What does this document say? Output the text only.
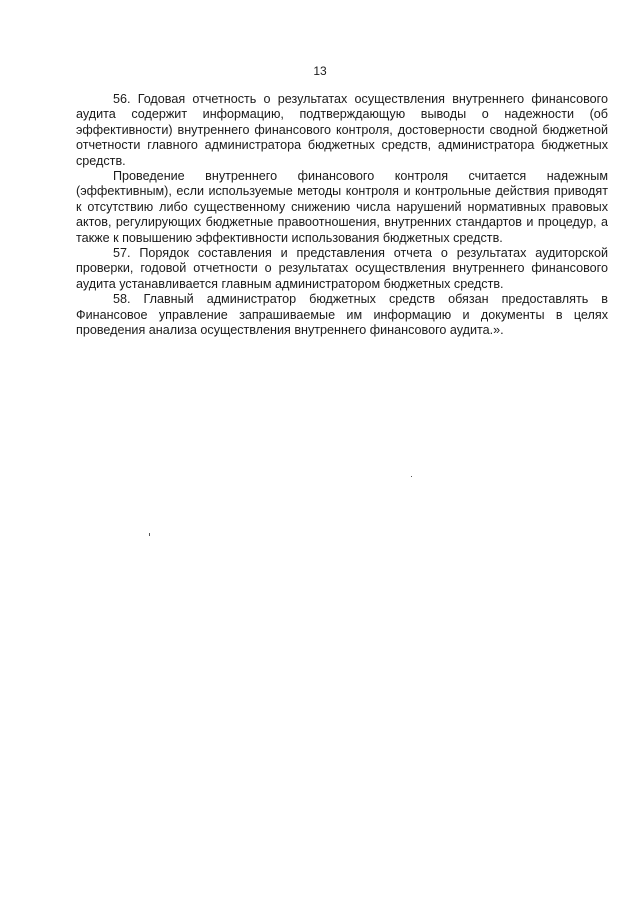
13

56. Годовая отчетность о результатах осуществления внутреннего финансового аудита содержит информацию, подтверждающую выводы о надежности (об эффективности) внутреннего финансового контроля, достоверности сводной бюджетной отчетности главного администратора бюджетных средств, администратора бюджетных средств.

Проведение внутреннего финансового контроля считается надежным (эффективным), если используемые методы контроля и контрольные действия приводят к отсутствию либо существенному снижению числа нарушений нормативных правовых актов, регулирующих бюджетные правоотношения, внутренних стандартов и процедур, а также к повышению эффективности использования бюджетных средств.

57. Порядок составления и представления отчета о результатах аудиторской проверки, годовой отчетности о результатах осуществления внутреннего финансового аудита устанавливается главным администратором бюджетных средств.

58. Главный администратор бюджетных средств обязан предоставлять в Финансовое управление запрашиваемые им информацию и документы в целях проведения анализа осуществления внутреннего финансового аудита.».
